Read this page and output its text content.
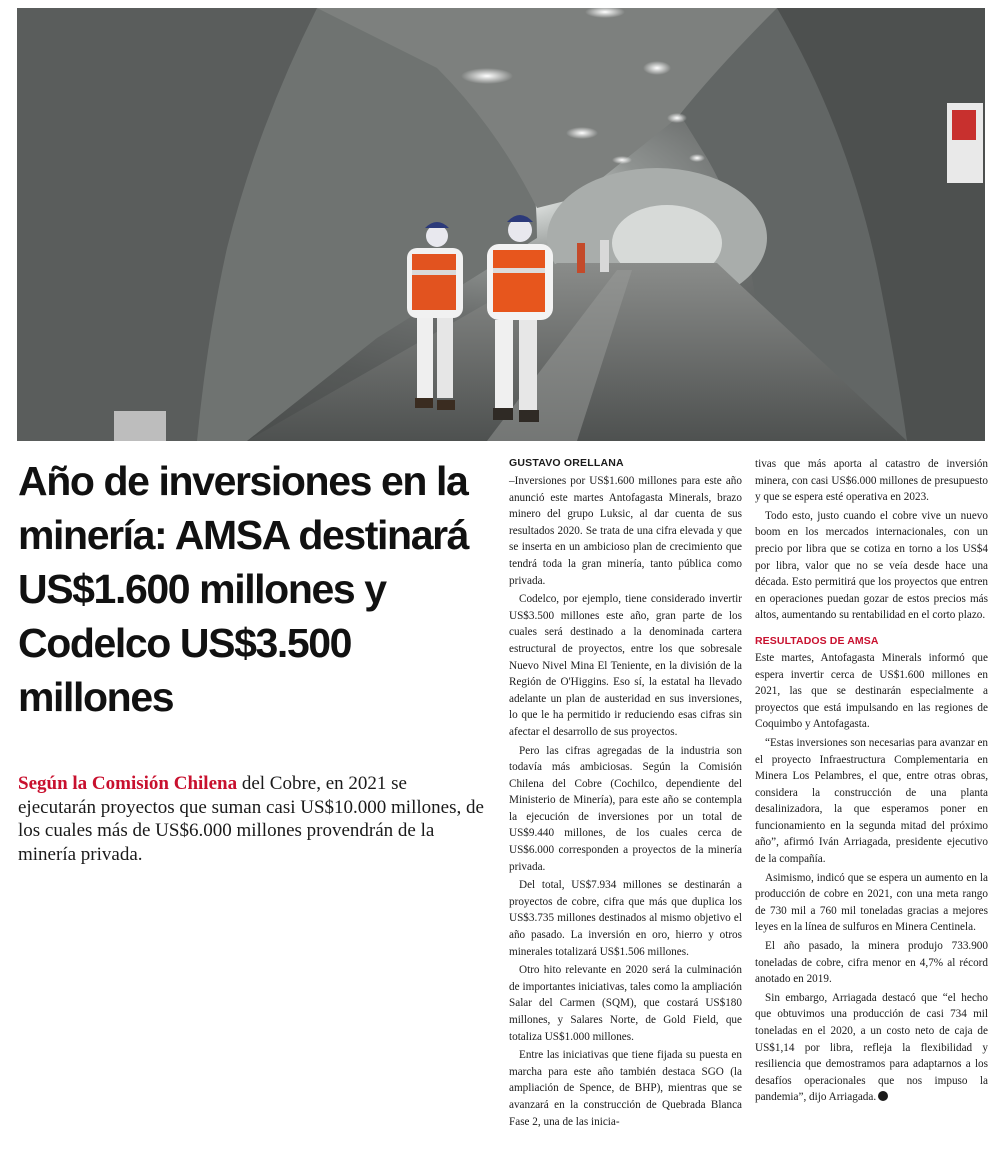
Año de inversiones en la minería: AMSA destinará US$1.600 millones y Codelco US$3.500 millones

Según la Comisión Chilena del Cobre, en 2021 se ejecutarán proyectos que suman casi US$10.000 millones, de los cuales más de US$6.000 millones provendrán de la minería privada.

GUSTAVO ORELLANA

–Inversiones por US$1.600 millones para este año anunció este martes Antofagasta Minerals, brazo minero del grupo Luksic, al dar cuenta de sus resultados 2020. Se trata de una cifra elevada y que se inserta en un ambicioso plan de crecimiento que tendrá toda la gran minería, tanto pública como privada.

Codelco, por ejemplo, tiene considerado invertir US$3.500 millones este año, gran parte de los cuales será destinado a la denominada cartera estructural de proyectos, entre los que sobresale Nuevo Nivel Mina El Teniente, en la división de la Región de O'Higgins. Eso sí, la estatal ha llevado adelante un plan de austeridad en sus inversiones, lo que le ha permitido ir reduciendo esas cifras sin afectar el desarrollo de sus proyectos.

Pero las cifras agregadas de la industria son todavía más ambiciosas. Según la Comisión Chilena del Cobre (Cochilco, dependiente del Ministerio de Minería), para este año se contempla la ejecución de inversiones por un total de US$9.440 millones, de los cuales cerca de US$6.000 corresponden a proyectos de la minería privada.

Del total, US$7.934 millones se destinarán a proyectos de cobre, cifra que más que duplica los US$3.735 millones destinados al mismo objetivo el año pasado. La inversión en oro, hierro y otros minerales totalizará US$1.506 millones.

Otro hito relevante en 2020 será la culminación de importantes iniciativas, tales como la ampliación Salar del Carmen (SQM), que costará US$180 millones, y Salares Norte, de Gold Field, que totaliza US$1.000 millones.

Entre las iniciativas que tiene fijada su puesta en marcha para este año también destaca SGO (la ampliación de Spence, de BHP), mientras que se avanzará en la construcción de Quebrada Blanca Fase 2, una de las inicia-

tivas que más aporta al catastro de inversión minera, con casi US$6.000 millones de presupuesto y que se espera esté operativa en 2023.

Todo esto, justo cuando el cobre vive un nuevo boom en los mercados internacionales, con un precio por libra que se cotiza en torno a los US$4 por libra, valor que no se veía desde hace una década. Esto permitirá que los proyectos que entren en operaciones puedan gozar de estos precios más altos, aumentando su rentabilidad en el corto plazo.

RESULTADOS DE AMSA

Este martes, Antofagasta Minerals informó que espera invertir cerca de US$1.600 millones en 2021, las que se destinarán especialmente a proyectos que está impulsando en las regiones de Coquimbo y Antofagasta.

“Estas inversiones son necesarias para avanzar en el proyecto Infraestructura Complementaria en Minera Los Pelambres, el que, entre otras obras, considera la construcción de una planta desalinizadora, la que esperamos poner en funcionamiento en la segunda mitad del próximo año”, afirmó Iván Arriagada, presidente ejecutivo de la compañía.

Asimismo, indicó que se espera un aumento en la producción de cobre en 2021, con una meta rango de 730 mil a 760 mil toneladas gracias a mejores leyes en la línea de sulfuros en Minera Centinela.

El año pasado, la minera produjo 733.900 toneladas de cobre, cifra menor en 4,7% al récord anotado en 2019.

Sin embargo, Arriagada destacó que “el hecho que obtuvimos una producción de casi 734 mil toneladas en el 2020, a un costo neto de caja de US$1,14 por libra, refleja la flexibilidad y resiliencia que demostramos para adaptarnos a los desafíos operacionales que nos impuso la pandemia”, dijo Arriagada.
